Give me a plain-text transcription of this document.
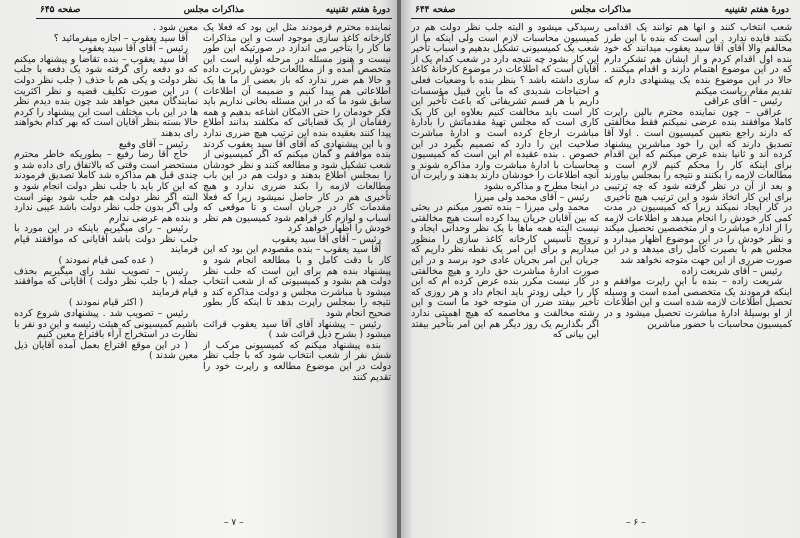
دورهٔ هفتم تقنینیه
مذاکرات مجلس
صفحه ۶۴۵

نماینده محترم فرمودند مثل این بود که فعلا یک کارخانه کاغذ سازی موجود است و این مذاکرات ما کار را بتأخیر می اندازد در صورتیکه این طور نیست و هنوز مسئله در مرحله اولیه است این متخصص آمده و از مطالعات خودش راپرت داده و حالا هم ضرر ندارد که باز بعضی از ما ها یک اطلاعاتی هم پیدا کنیم و ضمیمه آن اطلاعات سابق شود ما که در این مسئله بخانی نداریم باید فکر خودمان را حتی الامکان اشاعه بدهیم و همه رفقامان از یک قضایائی که مکلفند بدانند اطلاع پیدا کنند بعقیده بنده این ترتیب هیچ ضرری ندارد و با این پیشنهادی که آقای آقا سید یعقوب کردند بنده موافقم و گمان میکنم که اگر کمیسیونی از شعب تشکیل شود و مطالعه کنند و نظر خودشان را بمجلس اطلاع بدهند و دولت هم در این باب مطالعات لازمه را بکند ضرری ندارد و هیچ تأخیری هم در کار حاصل نمیشود زیرا که فعلا مقدمات کار در جریان است و تا موقعی که اسباب و لوازم کار فراهم شود کمیسیون هم نظر خودش را اظهار خواهد کرد

رئیس – آقای آقا سید یعقوب

آقا سید یعقوب – بنده مقصودم این بود که این کار با دقت کامل و با مطالعه انجام شود و پیشنهاد بنده هم برای این است که جلب نظر دولت هم بشود و کمیسیونی که از شعب انتخاب میشود با مباشرت مجلس و دولت مذاکره کند و نتیجه را بمجلس راپرت بدهد تا اینکه کار بطور صحیح انجام شود

رئیس – پیشنهاد آقای آقا سید یعقوب قرائت میشود ( بشرح ذیل قرائت شد )

بنده پیشنهاد میکنم که کمیسیونی مرکب از شش نفر از شعب انتخاب شود که با جلب نظر دولت در این موضوع مطالعه و راپرت خود را تقدیم کنند

معین شود .

آقا سید یعقوب – اجازه میفرمائید ؟

رئیس – آقای آقا سید یعقوب

آقا سید یعقوب – بنده تقاضا و پیشنهاد میکنم که دو دفعه رای گرفته شود یک دفعه با جلب نظر دولت و یکی هم با حذف ( جلب نظر دولت ) در این صورت تکلیف قضیه و نظر اکثریت نمایندگان معین خواهد شد چون بنده دیدم نظر ها در این باب مختلف است این پیشنهاد را کردم حالا بسته بنظر آقایان است که بهر کدام بخواهند رای بدهند

رئیس – آقای وفیع

حاج آقا رضا رفیع – بطوریکه خاطر محترم مستحضر است وقتی که بالاتفاق رای داده شد و چندی قبل هم مذاکره شد کاملا تصدیق فرمودند که این کار باید با جلب نظر دولت انجام شود و البته اگر نظر دولت هم جلب شود بهتر است ولی اگر بدون جلب نظر دولت باشد عیبی ندارد و بنده هم عرضی ندارم

رئیس – رای میگیریم باینکه در این مورد با جلب نظر دولت باشد آقایانی که موافقند قیام فرمایند

( عده کمی قیام نمودند )

رئیس – تصویب نشد رای میگیریم بحذف جمله ( با جلب نظر دولت ) آقایانی که موافقند قیام فرمایند

( اکثر قیام نمودند )

رئیس – تصویب شد . پیشنهادی شروع کرده باشیم کمیسیونی که هیئت رئیسه و این دو نفر با نظارت در استخراج آراء باقتراع معین کنیم

( در این موقع اقتراع بعمل آمده آقایان ذیل معین شدند )

– ۷ –
دورهٔ هفتم تقنینیه
مذاکرات مجلس
صفحه ۶۴۴

شعب انتخاب کنند و آنها هم توانند یک اقدامی بکنند فایده ندارد . این است که بنده با این طرز مخالفم والا آقای آقا سید یعقوب میدانند که خود بنده اول اقدام کردم و از ایشان هم تشکر دارم که در این موضوع اهتمام دارند و اقدام میکنند . حالا در این موضوع بنده یک پیشنهادی دارم که تقدیم مقام ریاست میکنم

رئیس – آقای عراقی

عراقی – چون نماینده محترم بالین راپرت کاملا موافقند بنده عرضی نمیکنم فقط مخالفتی که دارند راجع بتعیین کمیسیون است . اولا آقا تصدیق دارند که این را خود مباشرین پیشنهاد کرده اند و ثانیا بنده عرض میکنم که این اقدام برای اینکه کار را محکم کنیم لازم است و مطالعات لازمه را بکنند و نتیجه را بمجلس بیاورند و بعد از آن در نظر گرفته شود که چه ترتیبی برای این کار اتخاذ شود و این ترتیب هیچ تأخیری در کار ایجاد نمیکند زیرا که کمیسیون در مدت کمی کار خودش را انجام میدهد و اطلاعات لازمه را از اداره مباشرت و از متخصصین تحصیل میکند و نظر خودش را در این موضوع اظهار میدارد و مجلس هم با بصیرت کامل رای میدهد و در این صورت ضرری از این جهت متوجه نخواهد شد

رئیس – آقای شریعت زاده

شریعت زاده – بنده با این راپرت موافقم و اینکه فرمودند یک متخصصی آمده است و وسیله تحصیل اطلاعات لازمه شده است و این اطلاعات از او بوسیلهٔ ادارهٔ مباشرت تحصیل میشود و در کمیسیون محاسبات با حضور مباشرین

رسیدگی میشود و البته جلب نظر دولت هم در کمیسیون محاسبات لازم است ولی اینکه ما از شعب یک کمیسیونی تشکیل بدهیم و اسباب تأخیر این کار بشود چه نتیجه دارد در شعب کدام یک از آقایان است که اطلاعات در موضوع کارخانهٔ کاغذ سازی داشته باشد ؟ بنظر بنده با وضعیات فعلی و احتیاجات شدیدی که ما باین قبیل مؤسسات داریم با هر قسم تشریفاتی که باعث تأخیر این کار است باید مخالفت کنیم بعلاوه این کار یک کاری است که مجلس تهیهٔ مقدماتش را بادارهٔ مباشرت ارجاع کرده است و ادارهٔ مباشرت صلاحیت این را دارد که تصمیم بگیرد در این خصوص . بنده عقیده ام این است که کمیسیون محاسبات با ادارهٔ مباشرت وارد مذاکره شوند و آنچه اطلاعات را خودشان دارند بدهند و راپرت آن در اینجا مطرح و مذاکره بشود

رئیس – آقای محمد ولی میرزا

محمد ولی میرزا – بنده تصور میکنم در بحثی که بین آقایان جریان پیدا کرده است هیچ مخالفتی نیست البته همه ماها با یک نظر وحدانی ایجاد و ترویج تأسیس کارخانه کاغذ سازی را منظور میداریم و برای این امر یک نقطه نظر داریم که جریان این امر بجریان عادی خود برسد و در این صورت ادارهٔ مباشرت حق دارد و هیچ مخالفتی در کار نیست مکرر بنده عرض کرده ام که این کار را خیلی زودتر باید انجام داد و هر روزی که تأخیر بیفتد ضرر آن متوجه خود ما است و این رشته مخالفت و مخاصمه که هیچ اهمیتی ندارد اگر بگذاریم یک روز دیگر هم این امر بتأخیر بیفتد این بیانی که

– ۶ –
